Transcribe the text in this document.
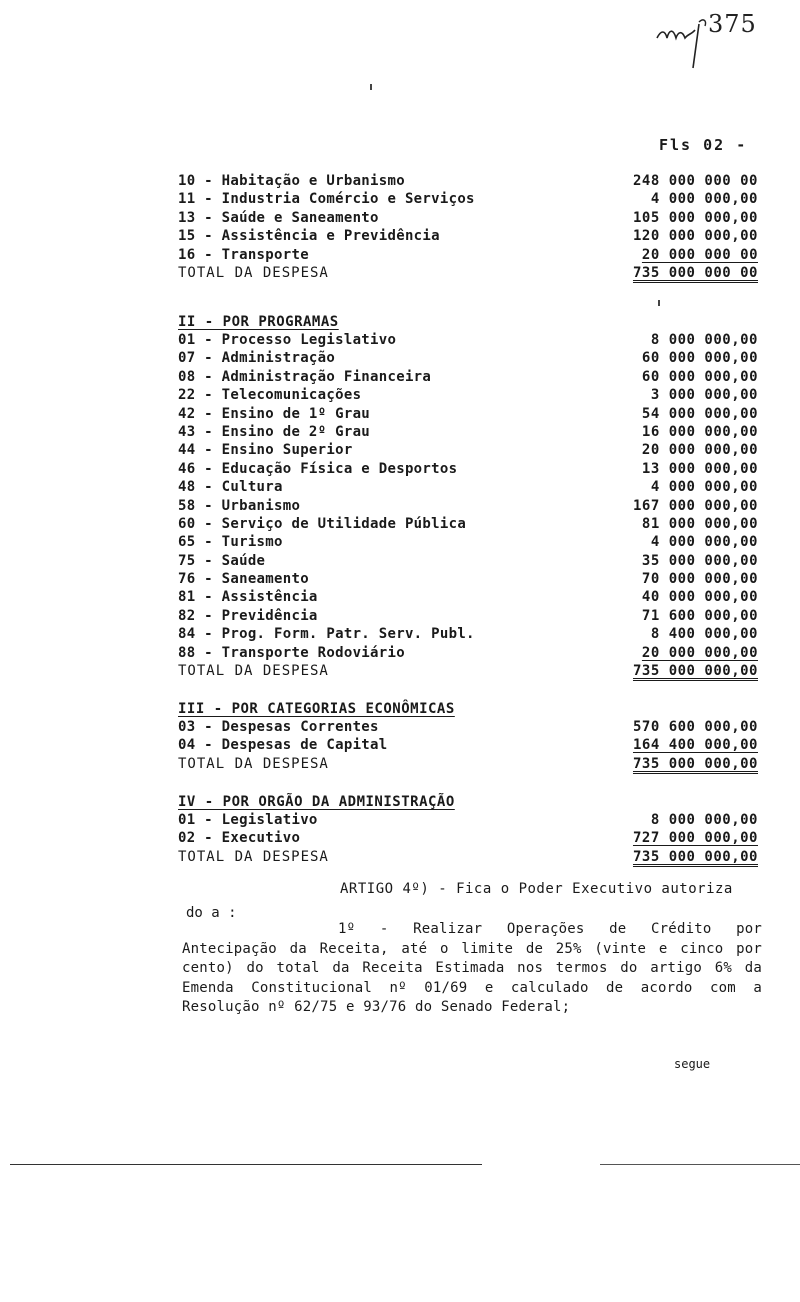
375
Fls 02 -
10 - Habitação e Urbanismo	248 000 000 00
11 - Industria Comércio e Serviços	4 000 000,00
13 - Saúde e Saneamento	105 000 000,00
15 - Assistência e Previdência	120 000 000,00
16 - Transporte	20 000 000 00
TOTAL DA DESPESA	735 000 000 00
II - POR PROGRAMAS
01 - Processo Legislativo	8 000 000,00
07 - Administração	60 000 000,00
08 - Administração Financeira	60 000 000,00
22 - Telecomunicações	3 000 000,00
42 - Ensino de 1º Grau	54 000 000,00
43 - Ensino de 2º Grau	16 000 000,00
44 - Ensino Superior	20 000 000,00
46 - Educação Física e Desportos	13 000 000,00
48 - Cultura	4 000 000,00
58 - Urbanismo	167 000 000,00
60 - Serviço de Utilidade Pública	81 000 000,00
65 - Turismo	4 000 000,00
75 - Saúde	35 000 000,00
76 - Saneamento	70 000 000,00
81 - Assistência	40 000 000,00
82 - Previdência	71 600 000,00
84 - Prog. Form. Patr. Serv. Publ.	8 400 000,00
88 - Transporte Rodoviário	20 000 000,00
TOTAL DA DESPESA	735 000 000,00
III - POR CATEGORIAS ECONÔMICAS
03 - Despesas Correntes	570 600 000,00
04 - Despesas de Capital	164 400 000,00
TOTAL DA DESPESA	735 000 000,00
IV - POR ORGÃO DA ADMINISTRAÇÃO
01 - Legislativo	8 000 000,00
02 - Executivo	727 000 000,00
TOTAL DA DESPESA	735 000 000,00
ARTIGO 4º) - Fica o Poder Executivo autoriza
do a :
1º - Realizar Operações de Crédito por Antecipação da Receita, até o limite de 25% (vinte e cinco por cento) do total da Receita Estimada nos termos do artigo 6% da Emenda Constitucional nº 01/69 e calculado de acordo com a Resolução nº 62/75 e 93/76 do Senado Federal;
segue
